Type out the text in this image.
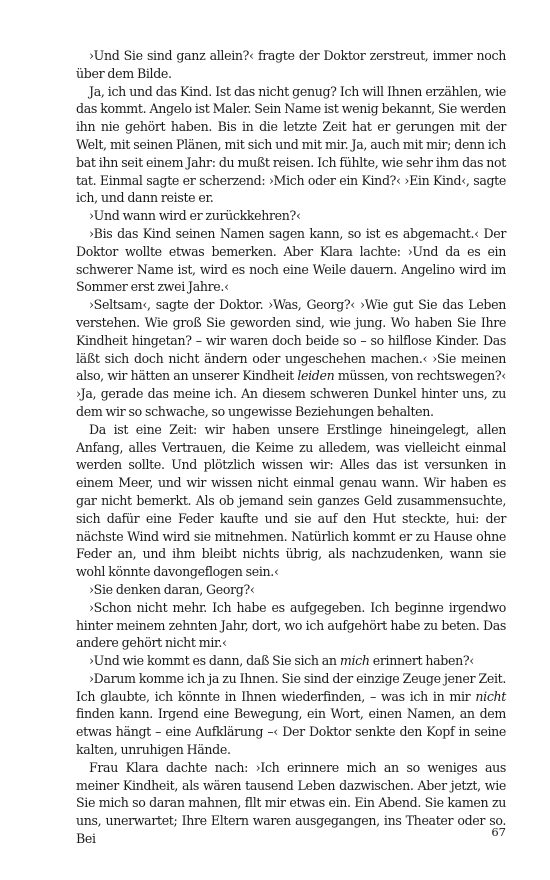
›Und Sie sind ganz allein?‹ fragte der Doktor zerstreut, immer noch über dem Bilde.

Ja, ich und das Kind. Ist das nicht genug? Ich will Ihnen erzählen, wie das kommt. Angelo ist Maler. Sein Name ist wenig bekannt, Sie werden ihn nie gehört haben. Bis in die letzte Zeit hat er gerungen mit der Welt, mit seinen Plänen, mit sich und mit mir. Ja, auch mit mir; denn ich bat ihn seit einem Jahr: du mußt reisen. Ich fühlte, wie sehr ihm das not tat. Einmal sagte er scherzend: ›Mich oder ein Kind?‹ ›Ein Kind‹, sagte ich, und dann reiste er.

›Und wann wird er zurückkehren?‹

›Bis das Kind seinen Namen sagen kann, so ist es abgemacht.‹ Der Doktor wollte etwas bemerken. Aber Klara lachte: ›Und da es ein schwerer Name ist, wird es noch eine Weile dauern. Angelino wird im Sommer erst zwei Jahre.‹

›Seltsam‹, sagte der Doktor. ›Was, Georg?‹ ›Wie gut Sie das Leben verstehen. Wie groß Sie geworden sind, wie jung. Wo haben Sie Ihre Kindheit hingetan? – wir waren doch beide so – so hilflose Kinder. Das läßt sich doch nicht ändern oder ungeschehen machen.‹ ›Sie meinen also, wir hätten an unserer Kindheit leiden müssen, von rechtswegen?‹ ›Ja, gerade das meine ich. An diesem schweren Dunkel hinter uns, zu dem wir so schwache, so ungewisse Beziehungen behalten.

Da ist eine Zeit: wir haben unsere Erstlinge hineingelegt, allen Anfang, alles Vertrauen, die Keime zu alledem, was vielleicht einmal werden sollte. Und plötzlich wissen wir: Alles das ist versunken in einem Meer, und wir wissen nicht einmal genau wann. Wir haben es gar nicht bemerkt. Als ob jemand sein ganzes Geld zusammensuchte, sich dafür eine Feder kaufte und sie auf den Hut steckte, hui: der nächste Wind wird sie mitnehmen. Natürlich kommt er zu Hause ohne Feder an, und ihm bleibt nichts übrig, als nachzudenken, wann sie wohl könnte davongeflogen sein.‹

›Sie denken daran, Georg?‹

›Schon nicht mehr. Ich habe es aufgegeben. Ich beginne irgendwo hinter meinem zehnten Jahr, dort, wo ich aufgehört habe zu beten. Das andere gehört nicht mir.‹

›Und wie kommt es dann, daß Sie sich an mich erinnert haben?‹

›Darum komme ich ja zu Ihnen. Sie sind der einzige Zeuge jener Zeit. Ich glaubte, ich könnte in Ihnen wiederfinden, – was ich in mir nicht finden kann. Irgend eine Bewegung, ein Wort, einen Namen, an dem etwas hängt – eine Aufklärung –‹ Der Doktor senkte den Kopf in seine kalten, unruhigen Hände.

Frau Klara dachte nach: ›Ich erinnere mich an so weniges aus meiner Kindheit, als wären tausend Leben dazwischen. Aber jetzt, wie Sie mich so daran mahnen, fllt mir etwas ein. Ein Abend. Sie kamen zu uns, unerwartet; Ihre Eltern waren ausgegangen, ins Theater oder so. Bei	67
